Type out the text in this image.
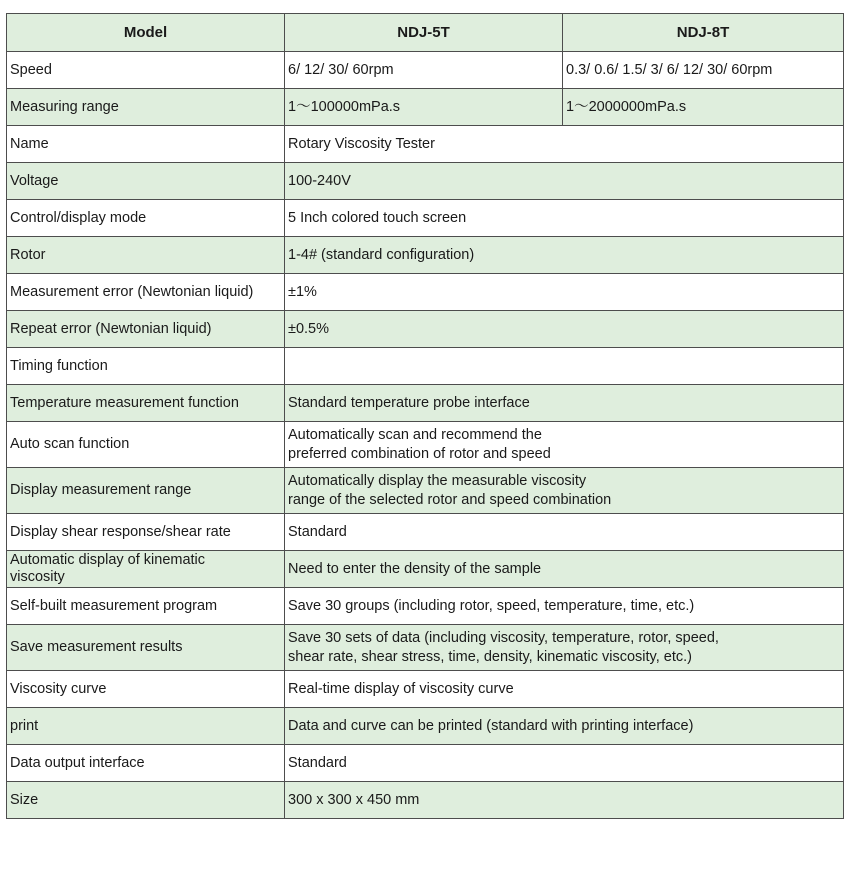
Model	NDJ-5T	NDJ-8T
Speed	6/ 12/ 30/ 60rpm	0.3/ 0.6/ 1.5/ 3/ 6/ 12/ 30/ 60rpm
Measuring range	1～100000mPa.s	1～2000000mPa.s
Name	Rotary Viscosity Tester	
Voltage	100-240V	
Control/display mode	5 Inch colored touch screen	
Rotor	1-4# (standard configuration)	
Measurement error (Newtonian liquid)	±1%	
Repeat error (Newtonian liquid)	±0.5%	
Timing function		
Temperature measurement function	Standard temperature probe interface	
Auto scan function	Automatically scan and recommend the
preferred combination of rotor and speed	
Display measurement range	Automatically display the measurable viscosity
range of the selected rotor and speed combination	
Display shear response/shear rate	Standard	
Automatic display of kinematic
viscosity	Need to enter the density of the sample	
Self-built measurement program	Save 30 groups (including rotor, speed, temperature, time, etc.)	
Save measurement results	Save 30 sets of data (including viscosity, temperature, rotor, speed,
shear rate, shear stress, time, density, kinematic viscosity, etc.)	
Viscosity curve	Real-time display of viscosity curve	
print	Data and curve can be printed (standard with printing interface)	
Data output interface	Standard	
Size	300 x 300 x 450 mm	
